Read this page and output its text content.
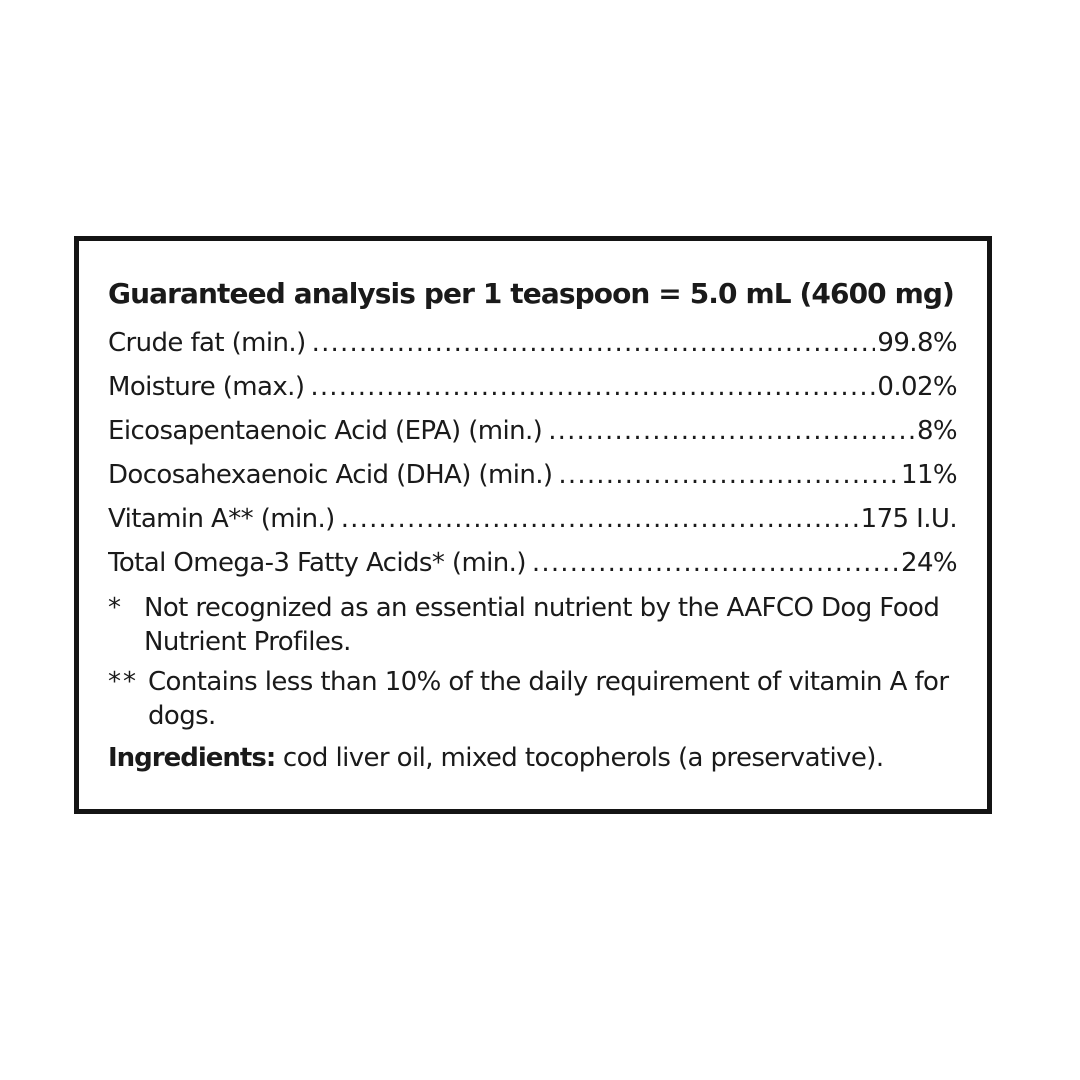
Guaranteed analysis per 1 teaspoon = 5.0 mL (4600 mg)
Crude fat (min.) .....	99.8%
Moisture (max.) .....	0.02%
Eicosapentaenoic Acid (EPA) (min.) .....	8%
Docosahexaenoic Acid (DHA) (min.) .....	11%
Vitamin A** (min.) .....	175 I.U.
Total Omega-3 Fatty Acids* (min.) .....	24%
* Not recognized as an essential nutrient by the AAFCO Dog Food Nutrient Profiles.
** Contains less than 10% of the daily requirement of vitamin A for dogs.
Ingredients: cod liver oil, mixed tocopherols (a preservative).
